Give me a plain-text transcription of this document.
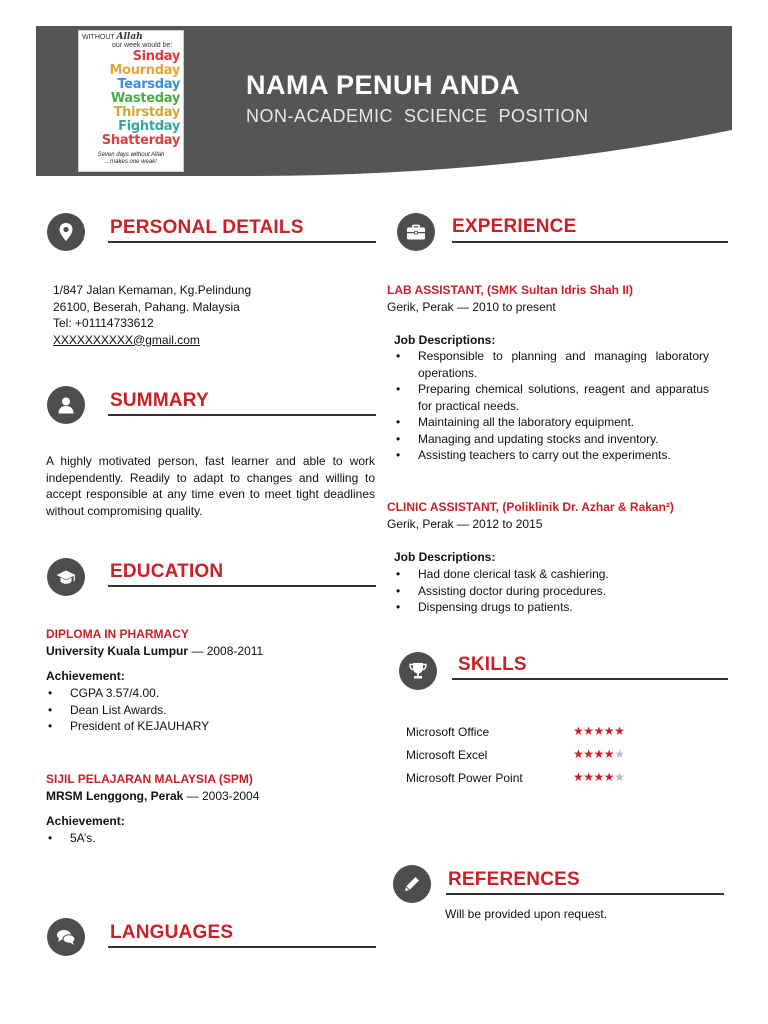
WITHOUT Allah
our week would be:
Sinday
Mournday
Tearsday
Wasteday
Thirstday
Fightday
Shatterday
Seven days without Allah
...makes one weak!
NAMA PENUH ANDA
NON-ACADEMIC  SCIENCE  POSITION
PERSONAL DETAILS
1/847 Jalan Kemaman, Kg.Pelindung
26100, Beserah, Pahang. Malaysia
Tel: +01114733612
XXXXXXXXXX@gmail.com
SUMMARY
A highly motivated person, fast learner and able to work independently. Readily to adapt to changes and willing to accept responsible at any time even to meet tight deadlines without compromising quality.
EDUCATION
DIPLOMA IN PHARMACY
University Kuala Lumpur — 2008-2011
Achievement:
• CGPA 3.57/4.00.
• Dean List Awards.
• President of KEJAUHARY
SIJIL PELAJARAN MALAYSIA (SPM)
MRSM Lenggong, Perak — 2003-2004
Achievement:
• 5A’s.
LANGUAGES
EXPERIENCE
LAB ASSISTANT, (SMK Sultan Idris Shah II)
Gerik, Perak — 2010 to present
Job Descriptions:
• Responsible to planning and managing laboratory operations.
• Preparing chemical solutions, reagent and apparatus for practical needs.
• Maintaining all the laboratory equipment.
• Managing and updating stocks and inventory.
• Assisting teachers to carry out the experiments.
CLINIC ASSISTANT, (Poliklinik Dr. Azhar & Rakan²)
Gerik, Perak — 2012 to 2015
Job Descriptions:
• Had done clerical task & cashiering.
• Assisting doctor during procedures.
• Dispensing drugs to patients.
SKILLS
Microsoft Office	★★★★★
Microsoft Excel	★★★★★
Microsoft Power Point	★★★★★
REFERENCES
Will be provided upon request.
